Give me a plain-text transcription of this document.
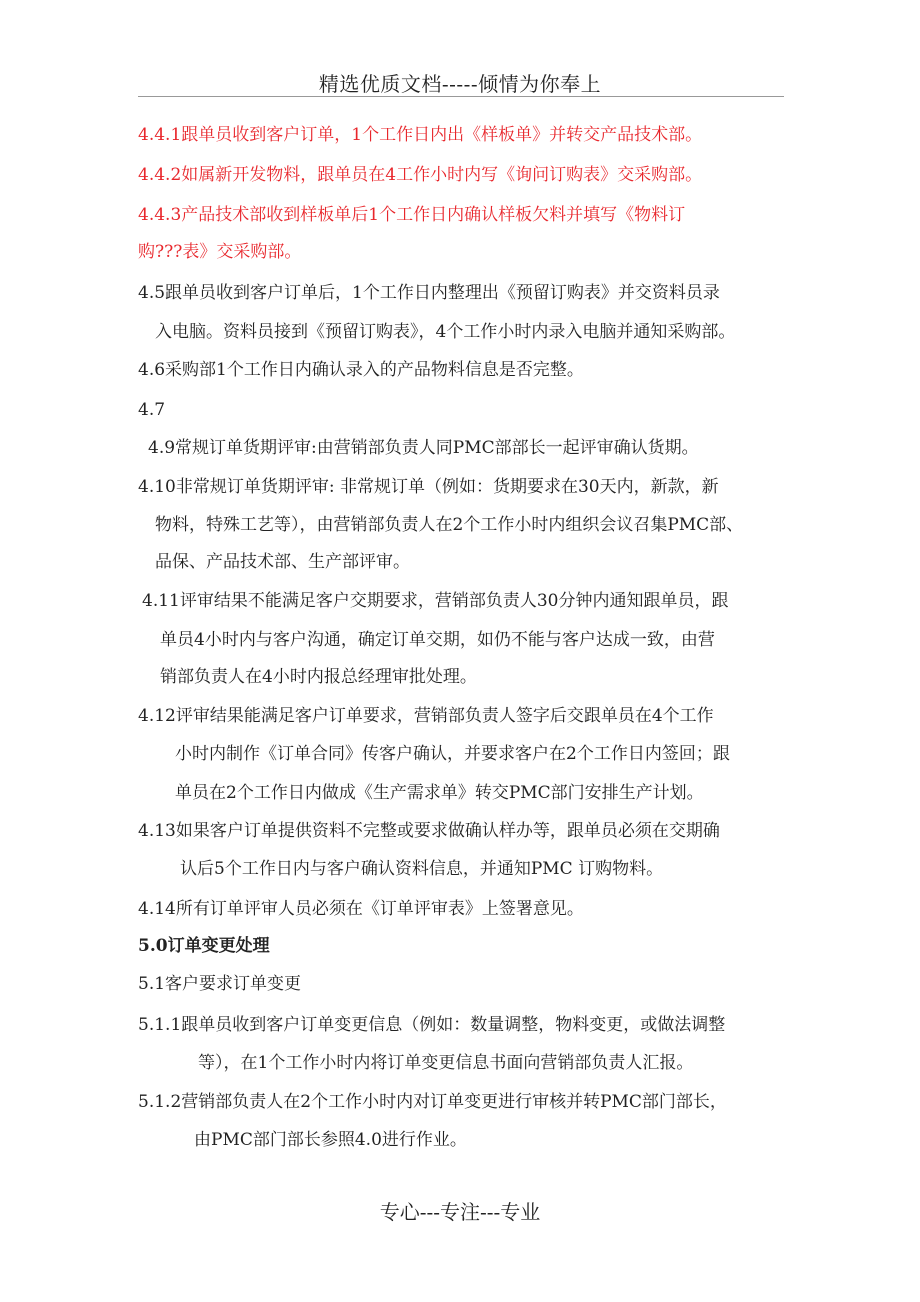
精选优质文档-----倾情为你奉上
4.4.1跟单员收到客户订单，1个工作日内出《样板单》并转交产品技术部。
4.4.2如属新开发物料，跟单员在4工作小时内写《询问订购表》交采购部。
4.4.3产品技术部收到样板单后1个工作日内确认样板欠料并填写《物料订
购???表》交采购部。
4.5跟单员收到客户订单后，1个工作日内整理出《预留订购表》并交资料员录
入电脑。资料员接到《预留订购表》，4个工作小时内录入电脑并通知采购部。
4.6采购部1个工作日内确认录入的产品物料信息是否完整。
4.7
4.9常规订单货期评审:由营销部负责人同PMC部部长一起评审确认货期。
4.10非常规订单货期评审: 非常规订单（例如：货期要求在30天内，新款，新
物料，特殊工艺等），由营销部负责人在2个工作小时内组织会议召集PMC部、
品保、产品技术部、生产部评审。
4.11评审结果不能满足客户交期要求，营销部负责人30分钟内通知跟单员，跟
单员4小时内与客户沟通，确定订单交期，如仍不能与客户达成一致，由营
销部负责人在4小时内报总经理审批处理。
4.12评审结果能满足客户订单要求，营销部负责人签字后交跟单员在4个工作
小时内制作《订单合同》传客户确认，并要求客户在2个工作日内签回；跟
单员在2个工作日内做成《生产需求单》转交PMC部门安排生产计划。
4.13如果客户订单提供资料不完整或要求做确认样办等，跟单员必须在交期确
认后5个工作日内与客户确认资料信息，并通知PMC 订购物料。
4.14所有订单评审人员必须在《订单评审表》上签署意见。
5.0订单变更处理
5.1客户要求订单变更
5.1.1跟单员收到客户订单变更信息（例如：数量调整，物料变更，或做法调整
等），在1个工作小时内将订单变更信息书面向营销部负责人汇报。
5.1.2营销部负责人在2个工作小时内对订单变更进行审核并转PMC部门部长，
由PMC部门部长参照4.0进行作业。
专心---专注---专业
